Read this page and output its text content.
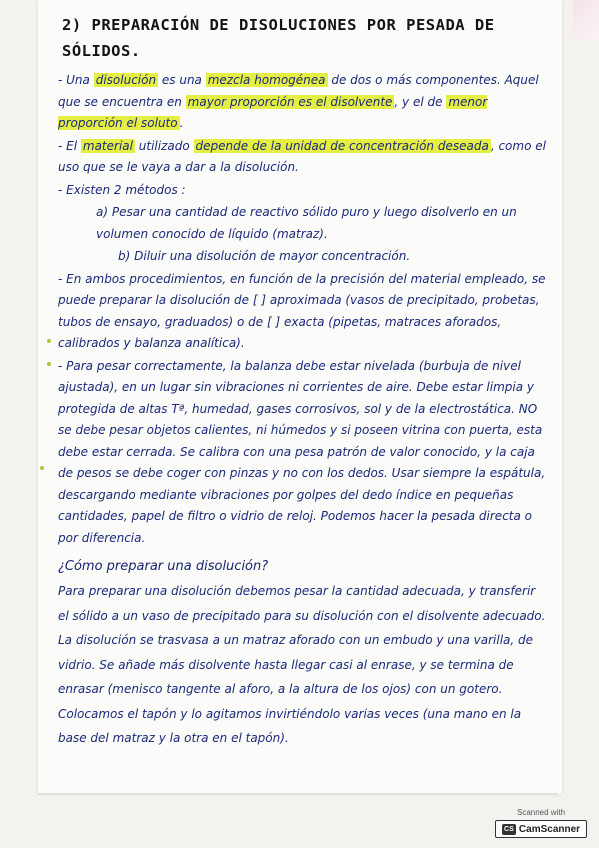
2) PREPARACIÓN DE DISOLUCIONES POR PESADA DE SÓLIDOS.

- Una disolución es una mezcla homogénea de dos o más componentes. Aquel que se encuentra en mayor proporción es el disolvente , y el de menor proporción el soluto .

- El material utilizado depende de la unidad de concentración deseada , como el uso que se le vaya a dar a la disolución.

- Existen 2 métodos :

a) Pesar una cantidad de reactivo sólido puro y luego disolverlo en un volumen conocido de líquido (matraz).

b) Diluir una disolución de mayor concentración.

- En ambos procedimientos, en función de la precisión del material empleado, se puede preparar la disolución de [ ] aproximada (vasos de precipitado, probetas, tubos de ensayo, graduados) o de [ ] exacta (pipetas, matraces aforados, calibrados y balanza analítica).

- Para pesar correctamente, la balanza debe estar nivelada (burbuja de nivel ajustada), en un lugar sin vibraciones ni corrientes de aire. Debe estar limpia y protegida de altas Tª, humedad, gases corrosivos, sol y de la electrostática. NO se debe pesar objetos calientes, ni húmedos y si poseen vitrina con puerta, esta debe estar cerrada. Se calibra con una pesa patrón de valor conocido, y la caja de pesos se debe coger con pinzas y no con los dedos. Usar siempre la espátula, descargando mediante vibraciones por golpes del dedo índice en pequeñas cantidades, papel de filtro o vidrio de reloj. Podemos hacer la pesada directa o por diferencia.

¿Cómo preparar una disolución?

Para preparar una disolución debemos pesar la cantidad adecuada, y transferir el sólido a un vaso de precipitado para su disolución con el disolvente adecuado. La disolución se trasvasa a un matraz aforado con un embudo y una varilla, de vidrio. Se añade más disolvente hasta llegar casi al enrase, y se termina de enrasar (menisco tangente al aforo, a la altura de los ojos) con un gotero. Colocamos el tapón y lo agitamos invirtiéndolo varias veces (una mano en la base del matraz y la otra en el tapón).

Scanned with
CS CamScanner
